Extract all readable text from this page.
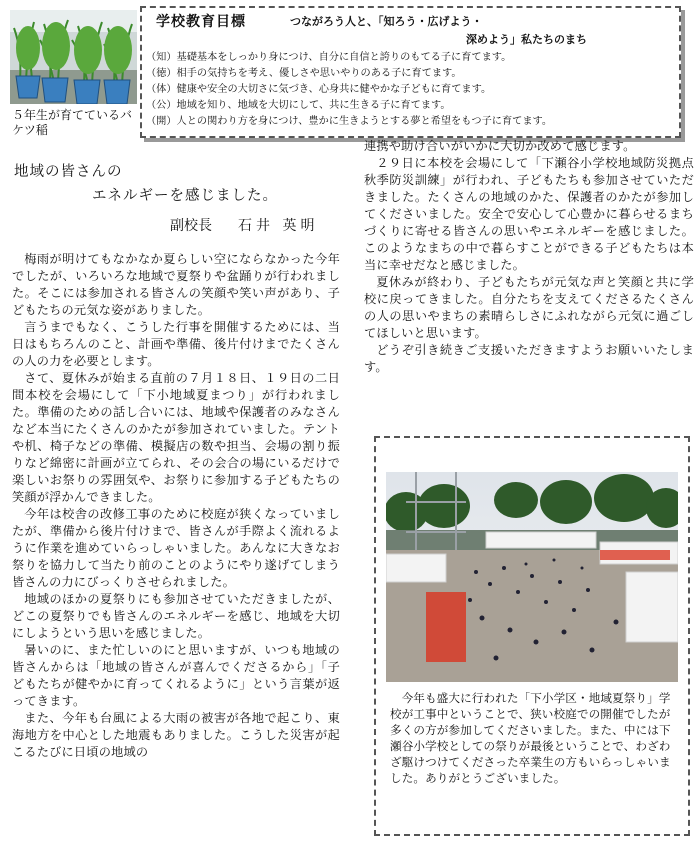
５年生が育てているバケツ稲
学校教育目標	つながろう人と、「知ろう・広げよう・
深めよう」私たちのまち
（知）基礎基本をしっかり身につけ、自分に自信と誇りのもてる子に育てます。
（徳）相手の気持ちを考え、優しさや思いやりのある子に育てます。
（体）健康や安全の大切さに気づき、心身共に健やかな子どもに育てます。
（公）地域を知り、地域を大切にして、共に生きる子に育てます。
（開）人との関わり方を身につけ、豊かに生きようとする夢と希望をもつ子に育てます。
地域の皆さんの
エネルギーを感じました。
副校長 石井 英明

梅雨が明けてもなかなか夏らしい空にならなかった今年でしたが、いろいろな地域で夏祭りや盆踊りが行われました。そこには参加される皆さんの笑顔や笑い声があり、子どもたちの元気な姿がありました。

言うまでもなく、こうした行事を開催するためには、当日はもちろんのこと、計画や準備、後片付けまでたくさんの人の力を必要とします。

さて、夏休みが始まる直前の７月１８日、１９日の二日間本校を会場にして「下小地域夏まつり」が行われました。準備のための話し合いには、地域や保護者のみなさんなど本当にたくさんのかたが参加されていました。テントや机、椅子などの準備、模擬店の数や担当、会場の割り振りなど綿密に計画が立てられ、その会合の場にいるだけで楽しいお祭りの雰囲気や、お祭りに参加する子どもたちの笑顔が浮かんできました。

今年は校舎の改修工事のために校庭が狭くなっていましたが、準備から後片付けまで、皆さんが手際よく流れるように作業を進めていらっしゃいました。あんなに大きなお祭りを協力して当たり前のことのようにやり遂げてしまう皆さんの力にびっくりさせられました。

地域のほかの夏祭りにも参加させていただきましたが、どこの夏祭りでも皆さんのエネルギーを感じ、地域を大切にしようという思いを感じました。

暑いのに、また忙しいのにと思いますが、いつも地域の皆さんからは「地域の皆さんが喜んでくださるから」「子どもたちが健やかに育ってくれるように」という言葉が返ってきます。

また、今年も台風による大雨の被害が各地で起こり、東海地方を中心とした地震もありました。こうした災害が起こるたびに日頃の地域の

連携や助け合いがいかに大切か改めて感じます。

２９日に本校を会場にして「下瀬谷小学校地域防災拠点秋季防災訓練」が行われ、子どもたちも参加させていただきました。たくさんの地域のかた、保護者のかたが参加してくださいました。安全で安心して心豊かに暮らせるまちづくりに寄せる皆さんの思いやエネルギーを感じました。このようなまちの中で暮らすことができる子どもたちは本当に幸せだなと感じました。

夏休みが終わり、子どもたちが元気な声と笑顔と共に学校に戻ってきました。自分たちを支えてくださるたくさんの人の思いやまちの素晴らしさにふれながら元気に過ごしてほしいと思います。

どうぞ引き続きご支援いただきますようお願いいたします。

今年も盛大に行われた「下小学区・地域夏祭り」学校が工事中ということで、狭い校庭での開催でしたが多くの方が参加してくださいました。また、中には下瀬谷小学校としての祭りが最後ということで、わざわざ駆けつけてくださった卒業生の方もいらっしゃいました。ありがとうございました。
